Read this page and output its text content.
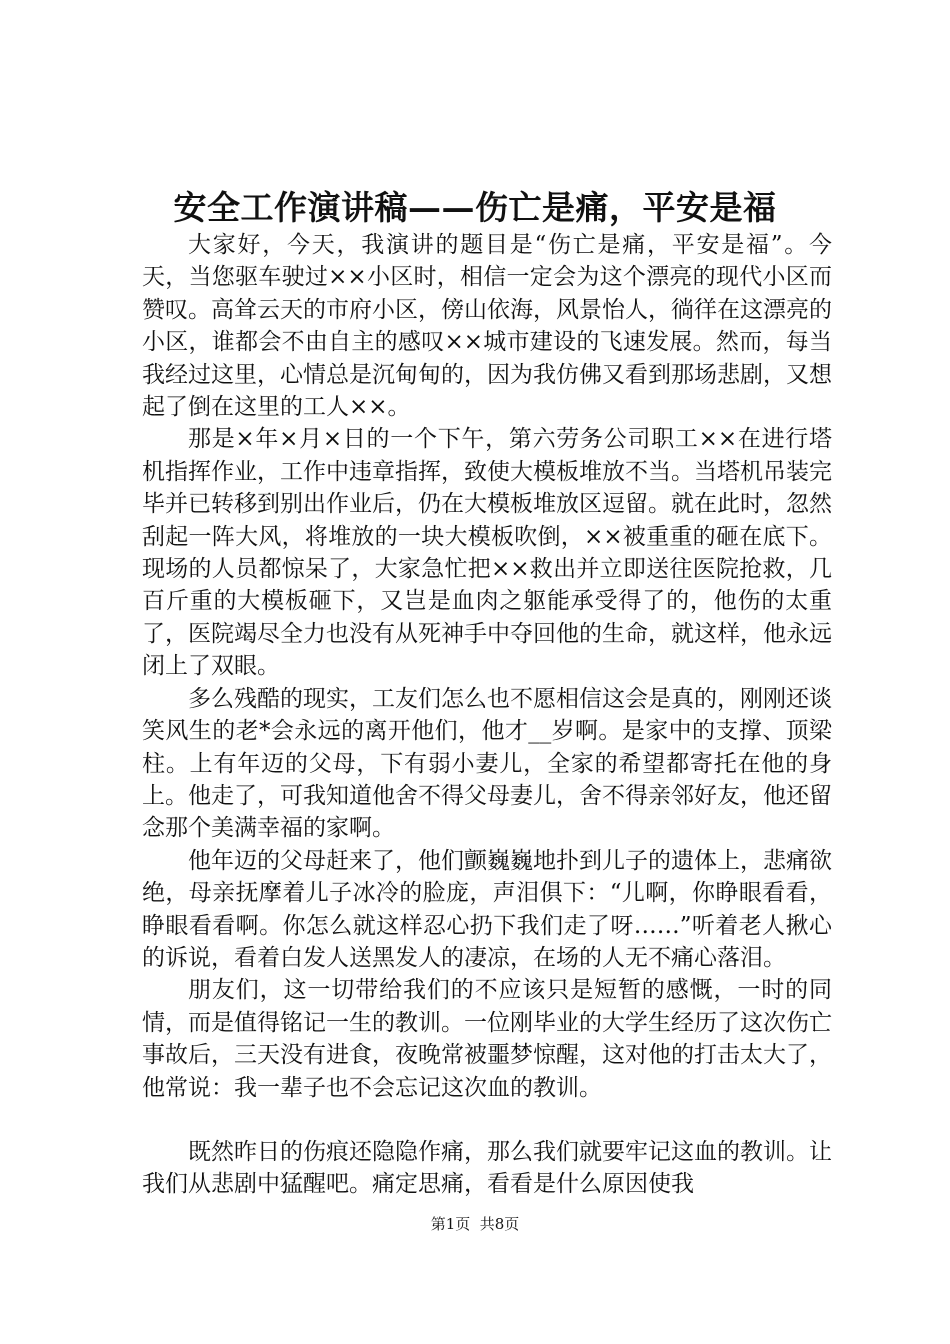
安全工作演讲稿——伤亡是痛，平安是福

大家好，今天，我演讲的题目是“伤亡是痛，平安是福”。今天，当您驱车驶过××小区时，相信一定会为这个漂亮的现代小区而赞叹。高耸云天的市府小区，傍山依海，风景怡人，徜徉在这漂亮的小区，谁都会不由自主的感叹××城市建设的飞速发展。然而，每当我经过这里，心情总是沉甸甸的，因为我仿佛又看到那场悲剧，又想起了倒在这里的工人××。

那是×年×月×日的一个下午，第六劳务公司职工××在进行塔机指挥作业，工作中违章指挥，致使大模板堆放不当。当塔机吊装完毕并已转移到别出作业后，仍在大模板堆放区逗留。就在此时，忽然刮起一阵大风，将堆放的一块大模板吹倒，××被重重的砸在底下。现场的人员都惊呆了，大家急忙把××救出并立即送往医院抢救，几百斤重的大模板砸下，又岂是血肉之躯能承受得了的，他伤的太重了，医院竭尽全力也没有从死神手中夺回他的生命，就这样，他永远闭上了双眼。

多么残酷的现实，工友们怎么也不愿相信这会是真的，刚刚还谈笑风生的老*会永远的离开他们，他才__岁啊。是家中的支撑、顶梁柱。上有年迈的父母，下有弱小妻儿，全家的希望都寄托在他的身上。他走了，可我知道他舍不得父母妻儿，舍不得亲邻好友，他还留念那个美满幸福的家啊。

他年迈的父母赶来了，他们颤巍巍地扑到儿子的遗体上，悲痛欲绝，母亲抚摩着儿子冰冷的脸庞，声泪俱下：“儿啊，你睁眼看看，睁眼看看啊。你怎么就这样忍心扔下我们走了呀……”听着老人揪心的诉说，看着白发人送黑发人的凄凉，在场的人无不痛心落泪。

朋友们，这一切带给我们的不应该只是短暂的感慨，一时的同情，而是值得铭记一生的教训。一位刚毕业的大学生经历了这次伤亡事故后，三天没有进食，夜晚常被噩梦惊醒，这对他的打击太大了，他常说：我一辈子也不会忘记这次血的教训。

既然昨日的伤痕还隐隐作痛，那么我们就要牢记这血的教训。让我们从悲剧中猛醒吧。痛定思痛，看看是什么原因使我

第1页  共8页
